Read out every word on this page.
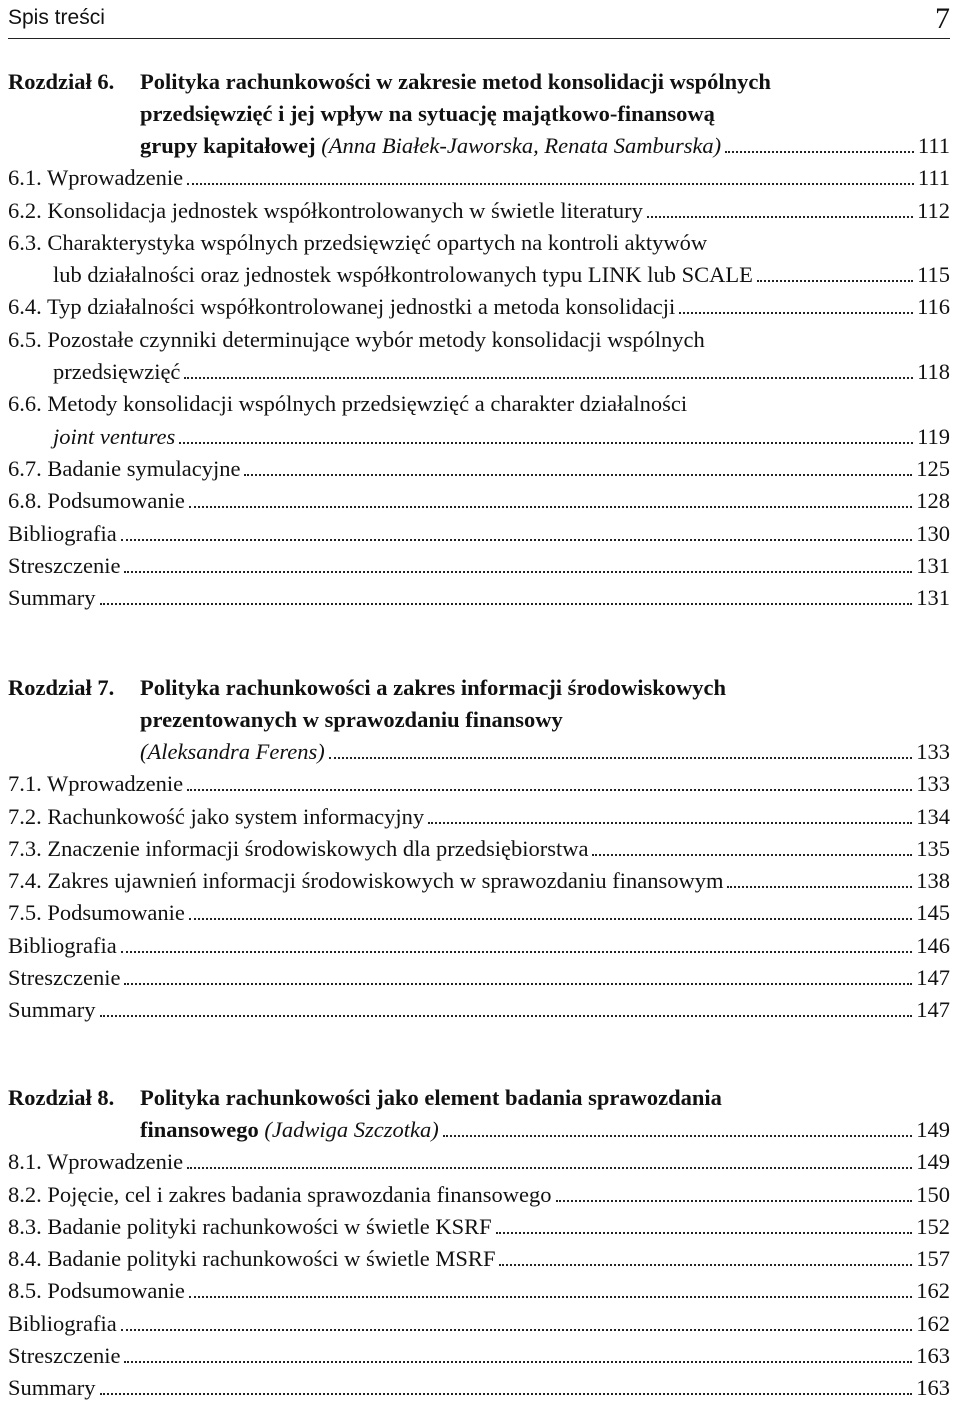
Spis treści	7
Rozdział 6. Polityka rachunkowości w zakresie metod konsolidacji wspólnych
przedsięwzięć i jej wpływ na sytuację majątkowo-finansową
grupy kapitałowej (Anna Białek-Jaworska, Renata Samburska)	111
6.1. Wprowadzenie	111
6.2. Konsolidacja jednostek współkontrolowanych w świetle literatury	112
6.3. Charakterystyka wspólnych przedsięwzięć opartych na kontroli aktywów
lub działalności oraz jednostek współkontrolowanych typu LINK lub SCALE	115
6.4. Typ działalności współkontrolowanej jednostki a metoda konsolidacji	116
6.5. Pozostałe czynniki determinujące wybór metody konsolidacji wspólnych
przedsięwzięć	118
6.6. Metody konsolidacji wspólnych przedsięwzięć a charakter działalności
joint ventures	119
6.7. Badanie symulacyjne	125
6.8. Podsumowanie	128
Bibliografia	130
Streszczenie	131
Summary	131
Rozdział 7. Polityka rachunkowości a zakres informacji środowiskowych
prezentowanych w sprawozdaniu finansowy
(Aleksandra Ferens)	133
7.1. Wprowadzenie	133
7.2. Rachunkowość jako system informacyjny	134
7.3. Znaczenie informacji środowiskowych dla przedsiębiorstwa	135
7.4. Zakres ujawnień informacji środowiskowych w sprawozdaniu finansowym	138
7.5. Podsumowanie	145
Bibliografia	146
Streszczenie	147
Summary	147
Rozdział 8. Polityka rachunkowości jako element badania sprawozdania
finansowego (Jadwiga Szczotka)	149
8.1. Wprowadzenie	149
8.2. Pojęcie, cel i zakres badania sprawozdania finansowego	150
8.3. Badanie polityki rachunkowości w świetle KSRF	152
8.4. Badanie polityki rachunkowości w świetle MSRF	157
8.5. Podsumowanie	162
Bibliografia	162
Streszczenie	163
Summary	163
